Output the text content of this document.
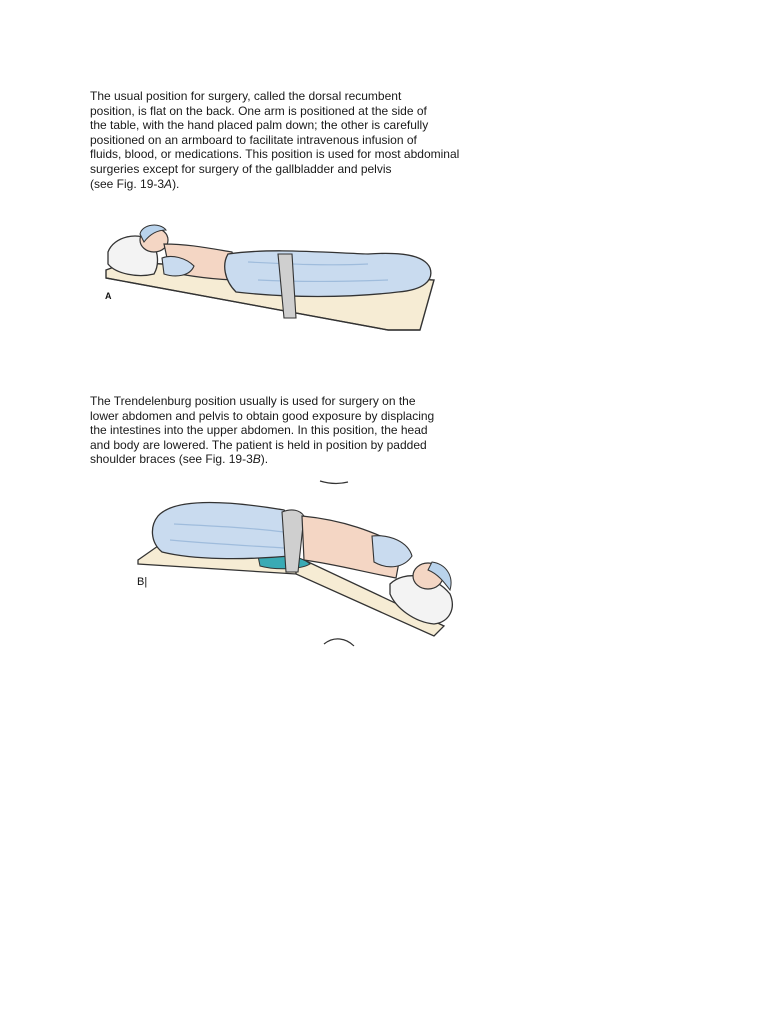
The usual position for surgery, called the dorsal recumbent
position, is flat on the back. One arm is positioned at the side of
the table, with the hand placed palm down; the other is carefully
positioned on an armboard to facilitate intravenous infusion of
fluids, blood, or medications. This position is used for most abdominal
surgeries except for surgery of the gallbladder and pelvis
(see Fig. 19-3A).

A

The Trendelenburg position usually is used for surgery on the
lower abdomen and pelvis to obtain good exposure by displacing
the intestines into the upper abdomen. In this position, the head
and body are lowered. The patient is held in position by padded
shoulder braces (see Fig. 19-3B).

B|
